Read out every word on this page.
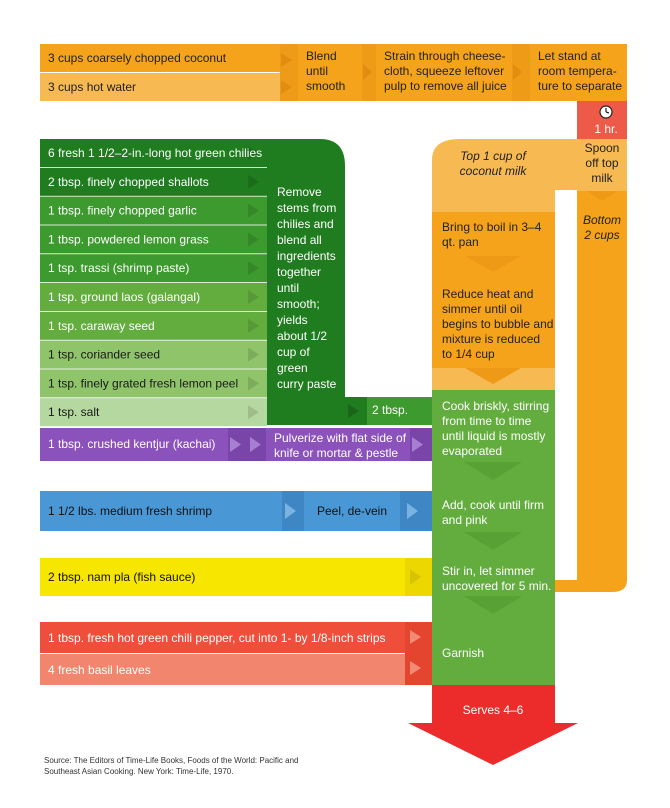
3 cups coarsely chopped coconut
3 cups hot water
Blend
until
smooth
Strain through cheese-
cloth, squeeze leftover
pulp to remove all juice
Let stand at
room tempera-
ture to separate
1 hr.
Spoon
off top
milk
Top 1 cup of
coconut milk
Bottom
2 cups
Bring to boil in 3–4
qt. pan
Reduce heat and
simmer until oil
begins to bubble and
mixture is reduced
to 1/4 cup
6 fresh 1 1/2–2-in.-long hot green chilies
2 tbsp. finely chopped shallots
1 tbsp. finely chopped garlic
1 tbsp. powdered lemon grass
1 tsp. trassi (shrimp paste)
1 tsp. ground laos (galangal)
1 tsp. caraway seed
1 tsp. coriander seed
1 tsp. finely grated fresh lemon peel
1 tsp. salt
Remove
stems from
chilies and
blend all
ingredients
together
until
smooth;
yields
about 1/2
cup of
green
curry paste
2 tbsp.
1 tbsp. crushed kentjur (kachai)	Pulverize with flat side of
knife or mortar & pestle
1 1/2 lbs. medium fresh shrimp	Peel, de-vein
2 tbsp. nam pla (fish sauce)
1 tbsp. fresh hot green chili pepper, cut into 1- by 1/8-inch strips
4 fresh basil leaves
Cook briskly, stirring
from time to time
until liquid is mostly
evaporated
Add, cook until firm
and pink
Stir in, let simmer
uncovered for 5 min.
Garnish
Serves 4–6
Source: The Editors of Time-Life Books, Foods of the World: Pacific and
Southeast Asian Cooking. New York: Time-Life, 1970.
